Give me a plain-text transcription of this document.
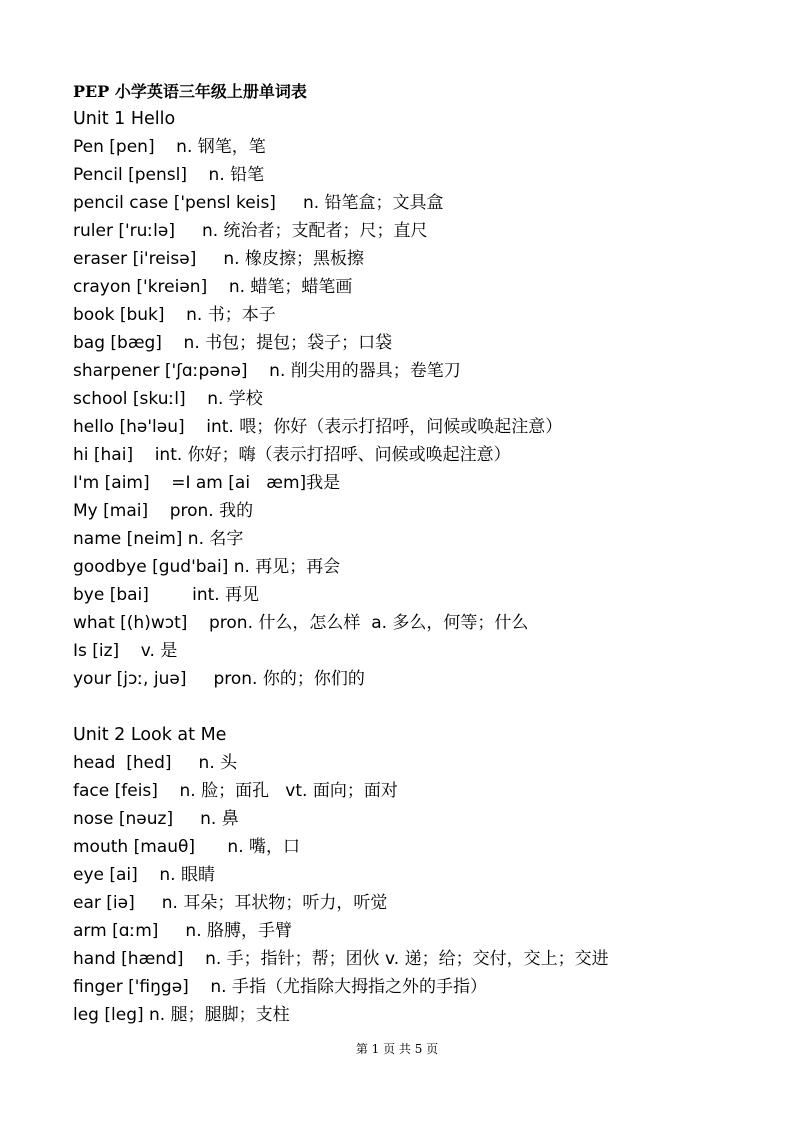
PEP 小学英语三年级上册单词表
Unit 1 Hello
Pen [pen]    n. 钢笔，笔
Pencil [pensl]    n. 铅笔
pencil case ['pensl keis]     n. 铅笔盒；文具盒
ruler ['ruːlə]     n. 统治者；支配者；尺；直尺
eraser [i'reisə]     n. 橡皮擦；黑板擦
crayon ['kreiən]    n. 蜡笔；蜡笔画
book [buk]    n. 书；本子
bag [bæg]    n. 书包；提包；袋子；口袋
sharpener ['ʃɑːpənə]    n. 削尖用的器具；卷笔刀
school [skuːl]    n. 学校
hello [hə'ləu]    int. 喂；你好（表示打招呼，问候或唤起注意）
hi [hai]    int. 你好；嗨（表示打招呼、问候或唤起注意）
I'm [aim]    =I am [ai   æm]我是
My [mai]    pron. 我的
name [neim] n. 名字
goodbye [gud'bai] n. 再见；再会
bye [bai]        int. 再见
what [(h)wɔt]    pron. 什么，怎么样  a. 多么，何等；什么
Is [iz]    v. 是
your [jɔː, juə]     pron. 你的；你们的
Unit 2 Look at Me
head  [hed]     n. 头
face [feis]    n. 脸；面孔   vt. 面向；面对
nose [nəuz]     n. 鼻
mouth [mauθ]      n. 嘴，口
eye [ai]    n. 眼睛
ear [iə]     n. 耳朵；耳状物；听力，听觉
arm [ɑːm]     n. 胳膊，手臂
hand [hænd]    n. 手；指针；帮；团伙 v. 递；给；交付，交上；交进
finger ['fiŋgə]    n. 手指（尤指除大拇指之外的手指）
leg [leg] n. 腿；腿脚；支柱
第 1 页 共 5 页
